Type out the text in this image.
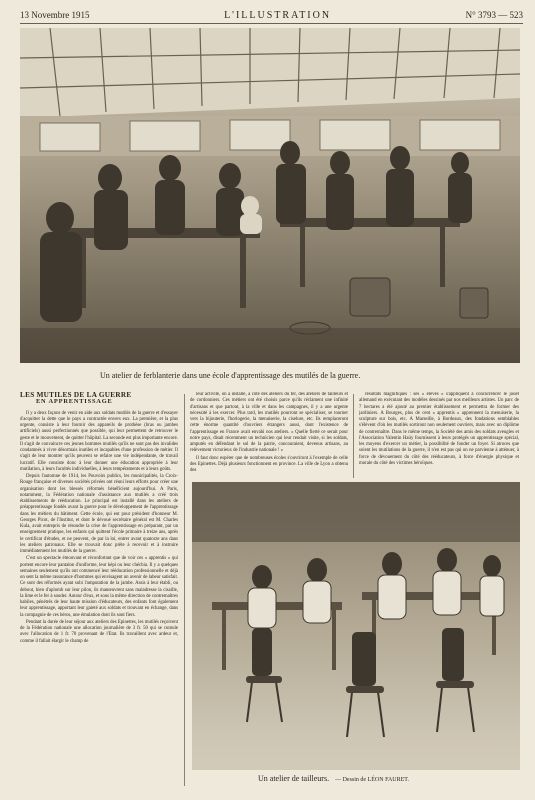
13 Novembre 1915	L'ILLUSTRATION	N° 3793 — 523
Un atelier de ferblanterie dans une école d'apprentissage des mutilés de la guerre.
LES MUTILÉS DE LA GUERRE
EN APPRENTISSAGE

Il y a deux façons de venir en aide aux soldats mutilés de la guerre et d'essayer d'acquitter la dette que le pays a contractée envers eux. La première, et la plus urgente, consiste à leur fournir des appareils de prothèse (bras ou jambes artificiels) aussi perfectionnés que possible, qui leur permettent de retrouver le geste et le mouvement, de quitter l'hôpital. La seconde est plus importante encore. Il s'agit de convaincre ces jeunes hommes mutilés qu'ils ne sont pas des invalides condamnés à vivre désormais inutiles et incapables d'une profession de métier. Il s'agit de leur montrer qu'ils peuvent se refaire une vie indépendante, de travail lucratif. Elle consiste donc à leur donner une éducation appropriée à leur mutilation, à leurs facultés individuelles, à leurs tempéraments et à leurs goûts.

Depuis l'automne de 1914, les Pouvoirs publics, les municipalités, la Croix-Rouge française et diverses sociétés privées ont réuni leurs efforts pour créer une organisation dont les blessés réformés bénéficient aujourd'hui. A Paris, notamment, la Fédération nationale d'assistance aux mutilés a créé trois établissements de rééducation. Le principal est installé dans les ateliers de préapprentissage fondés avant la guerre pour le développement de l'apprentissage dans les métiers du bâtiment. Cette école, qui eut pour président d'honneur M. Georges Picot, de l'Institut, et dont le dévoué secrétaire général est M. Charles Kula, avait entrepris de résoudre la crise de l'apprentissage en préparant, par un enseignement pratique, les enfants qui quittent l'école primaire à treize ans, après le certificat d'études, et ne peuvent, de par la loi, entrer avant quatorze ans dans les ateliers patronaux. Elle se trouvait donc prête à recevoir et à instruire immédiatement les mutilés de la guerre.

C'est un spectacle émouvant et réconfortant que de voir ces « apprentis » qui portent encore leur pantalon d'uniforme, leur képi ou leur chéchia. Il y a quelques semaines seulement qu'ils ont commencé leur rééducation professionnelle et déjà on sent la même rassurance d'hommes qui envisagent un avenir de labeur satisfait. Ce sont des réformés ayant subi l'amputation de la jambe. Assis à leur établi, ou debout, bien d'aplomb sur leur pilon, ils manœuvrent sans maladresse la cisaille, la lime et le fer à souder. Autour d'eux, et sous la même direction de contremaîtres habiles, pénétrés de leur haute mission d'éducateurs, des enfants font également leur apprentissage, apportant leur gaieté aux soldats et trouvant en échange, dans la compagnie de ces héros, une émulation dont ils sont fiers.

Pendant la durée de leur séjour aux ateliers des Epinettes, les mutilés reçoivent de la Fédération nationale une allocation journalière de 3 fr. 50 qui se cumule avec l'allocation de 1 fr. 70 provenant de l'Etat. Ils travaillent avec ardeur et, comme il fallait élargir le champ de

leur activité, on a installé, à côté des ateliers du fer, des ateliers de tailleurs et de cordonniers. Ces métiers ont été choisis parce qu'ils réclament une infinité d'artisans et que partout, à la ville et dans les campagnes, il y a une urgente nécessité à les exercer. Plus tard, les mutilés pourront se spécialiser, se tourner vers la bijouterie, l'horlogerie, la menuiserie, la ciselure, etc. Ils remplaceront cette énorme quantité d'ouvriers étrangers aussi, dont l'existence de l'apprentissage en France avait envahi nos ateliers. « Quelle fierté ce serait pour notre pays, disait récemment un technicien qui leur rendait visite, si les soldats, amputés en défendant le sol de la patrie, concouraient, devenus artisans, au relèvement victorieux de l'industrie nationale ! »

Il faut donc espérer que de nombreuses écoles s'ouvriront à l'exemple de celle des Epinettes. Déjà plusieurs fonctionnent en province. La ville de Lyon a obtenu des

résultats magnifiques : ses « élèves » s'appliquent à concurrencer le jouet allemand en exécutant des modèles dessinés par nos meilleurs artistes. Un parc de 7 hectares a été ajouté au premier établissement et permettra de former des jardiniers. A Bourges, plus de cent « apprentis » apprennent la menuiserie, la sculpture sur bois, etc. A Marseille, à Bordeaux, des fondations semblables s'élèvent d'où les mutilés sortiront non seulement ouvriers, mais avec un diplôme de contremaître. Dans le même temps, la Société des amis des soldats aveugles et l'Association Valentin Haüy fournissent à leurs protégés un apprentissage spécial, les moyens d'exercer un métier, la possibilité de fonder un foyer. Si atroces que soient les mutilations de la guerre, il n'en est pas qui on ne parvienne à atténuer, à force de dévouement du côté des rééducateurs, à force d'énergie physique et morale du côté des victimes héroïques.

Un atelier de tailleurs. — Dessin de LÉON FAURET.
